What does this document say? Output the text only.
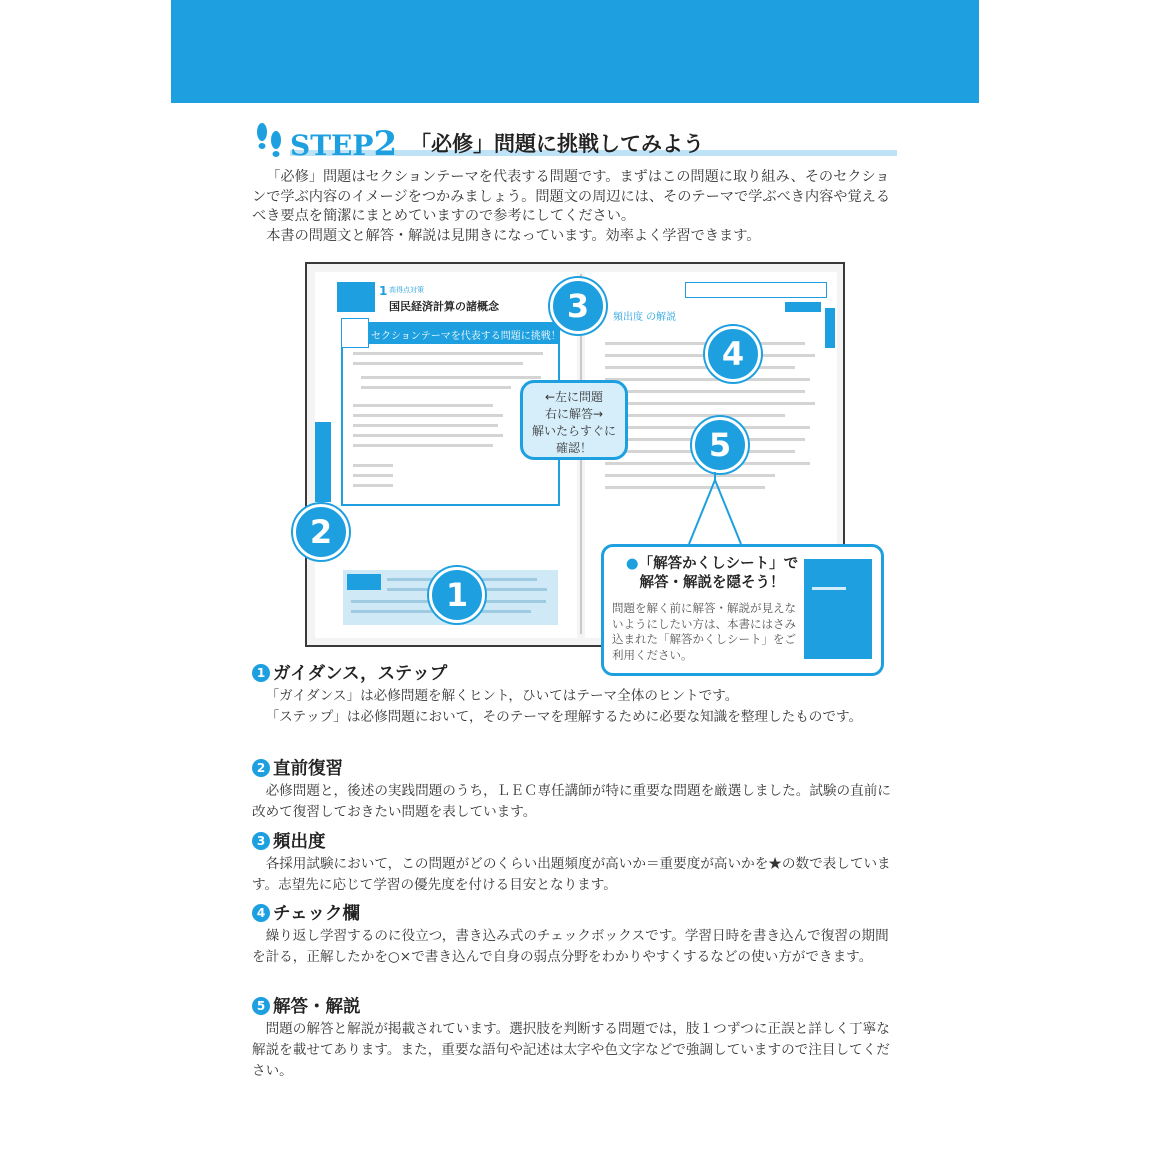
STEP2 「必修」問題に挑戦してみよう

「必修」問題はセクションテーマを代表する問題です。まずはこの問題に取り組み、そのセクションで学ぶ内容のイメージをつかみましょう。問題文の周辺には、そのテーマで学ぶべき内容や覚えるべき要点を簡潔にまとめていますので参考にしてください。

本書の問題文と解答・解説は見開きになっています。効率よく学習できます。

高得点対策
1
国民経済計算の諸概念
セクションテーマを代表する問題に挑戦！
頻出度 の解説
←左に問題
右に解答→
解いたらすぐに
確認！
1
2
3
4
5
●「解答かくしシート」で
解答・解説を隠そう！
問題を解く前に解答・解説が見えないようにしたい方は、本書にはさみ込まれた「解答かくしシート」をご利用ください。
1 ガイダンス，ステップ

「ガイダンス」は必修問題を解くヒント，ひいてはテーマ全体のヒントです。

「ステップ」は必修問題において，そのテーマを理解するために必要な知識を整理したものです。

2 直前復習

必修問題と，後述の実践問題のうち，ＬＥＣ専任講師が特に重要な問題を厳選しました。試験の直前に改めて復習しておきたい問題を表しています。

3 頻出度

各採用試験において，この問題がどのくらい出題頻度が高いか＝重要度が高いかを★の数で表しています。志望先に応じて学習の優先度を付ける目安となります。

4 チェック欄

繰り返し学習するのに役立つ，書き込み式のチェックボックスです。学習日時を書き込んで復習の期間を計る，正解したかを○×で書き込んで自身の弱点分野をわかりやすくするなどの使い方ができます。

5 解答・解説

問題の解答と解説が掲載されています。選択肢を判断する問題では，肢１つずつに正誤と詳しく丁寧な解説を載せてあります。また，重要な語句や記述は太字や色文字などで強調していますので注目してください。
